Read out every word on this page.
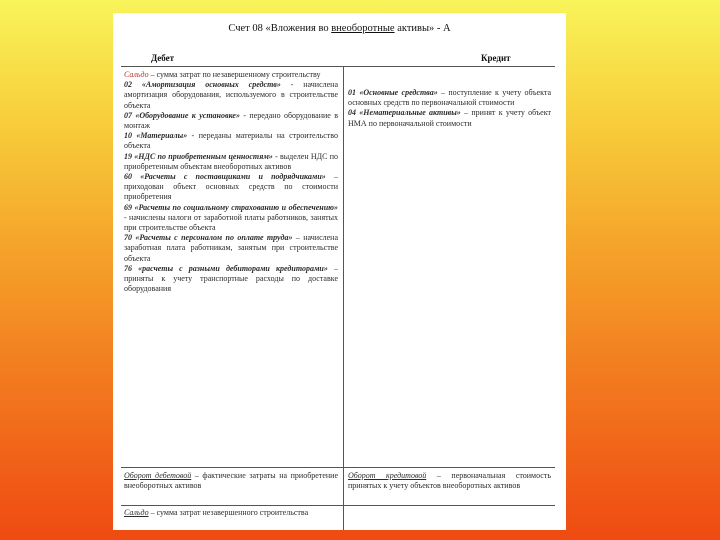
Счет 08 «Вложения во внеоборотные активы» - А
Дебет	Кредит
Сальдо – сумма затрат по незавершенному строительству
02 «Амортизация основных средств» - начислена амортизация оборудования, используемого в строительстве объекта
07 «Оборудование к установке» - передано оборудование в монтаж
10 «Материалы» - переданы материалы на строительство объекта
19 «НДС по приобретенным ценностям» - выделен НДС по приобретенным объектам внеоборотных активов
60 «Расчеты с поставщиками и подрядчиками» – приходован объект основных средств по стоимости приобретения
69 «Расчеты по социальному страхованию и обеспечению» - начислены налоги от заработной платы работников, занятых при строительстве объекта
70 «Расчеты с персоналом по оплате труда» – начислена заработная плата работникам, занятым при строительстве объекта
76 «расчеты с разными дебиторами кредиторами» – приняты к учету транспортные расходы по доставке оборудования
01 «Основные средства» – поступление к учету объекта основных средств по первоначальной стоимости
04 «Нематериальные активы» – принят к учету объект НМА по первоначальной стоимости
Оборот дебетовой – фактические затраты на приобретение внеоборотных активов
Оборот кредитовой – первоначальная стоимость принятых к учету объектов внеоборотных активов
Сальдо – сумма затрат незавершенного строительства
